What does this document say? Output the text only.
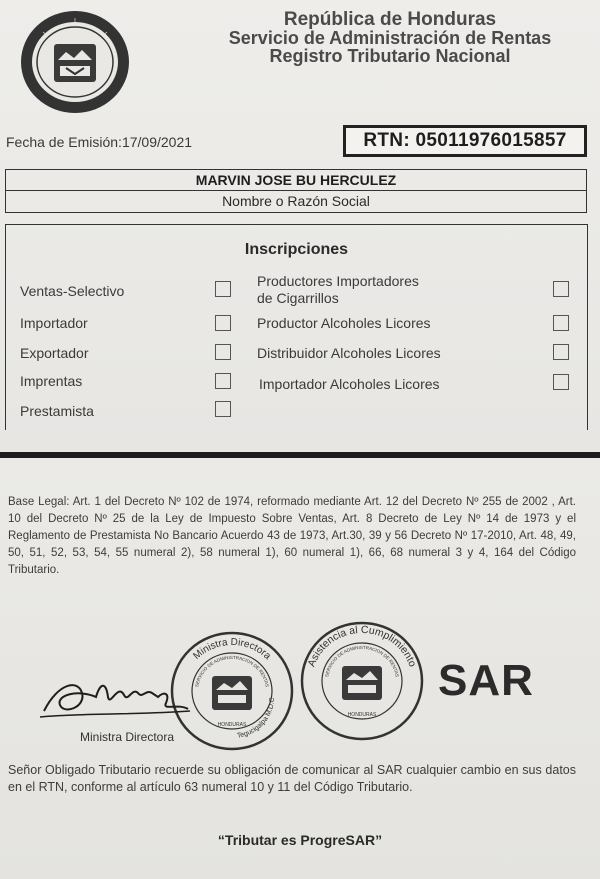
República de Honduras
Servicio de Administración de Rentas
Registro Tributario Nacional
Fecha de Emisión:17/09/2021	RTN: 05011976015857
MARVIN JOSE BU HERCULEZ
Nombre o Razón Social
Inscripciones
Ventas-Selectivo
Importador
Exportador
Imprentas
Prestamista
Productores Importadores
de Cigarrillos
Productor Alcoholes Licores
Distribuidor Alcoholes Licores
Importador Alcoholes Licores
Base Legal: Art. 1 del Decreto Nº 102 de 1974, reformado mediante Art. 12 del Decreto Nº 255 de 2002 , Art. 10 del Decreto Nº 25 de la Ley de Impuesto Sobre Ventas, Art. 8 Decreto de Ley Nº 14 de 1973 y el Reglamento de Prestamista No Bancario Acuerdo 43 de 1973, Art.30, 39 y 56 Decreto Nº 17-2010, Art. 48, 49, 50, 51, 52, 53, 54, 55 numeral 2), 58 numeral 1), 60 numeral 1), 66, 68 numeral 3 y 4, 164 del Código Tributario.
Ministra Directora
Tegucigalpa M.D.C
SERVICIO DE ADMINISTRACION DE RENTAS
HONDURAS
Asistencia al Cumplimiento
SERVICIO DE ADMINISTRACION DE RENTAS
HONDURAS
Ministra Directora
SAR
Señor Obligado Tributario recuerde su obligación de comunicar al SAR cualquier cambio en sus datos en el RTN, conforme al artículo 63 numeral 10 y 11 del Código Tributario.
“Tributar es ProgreSAR”
